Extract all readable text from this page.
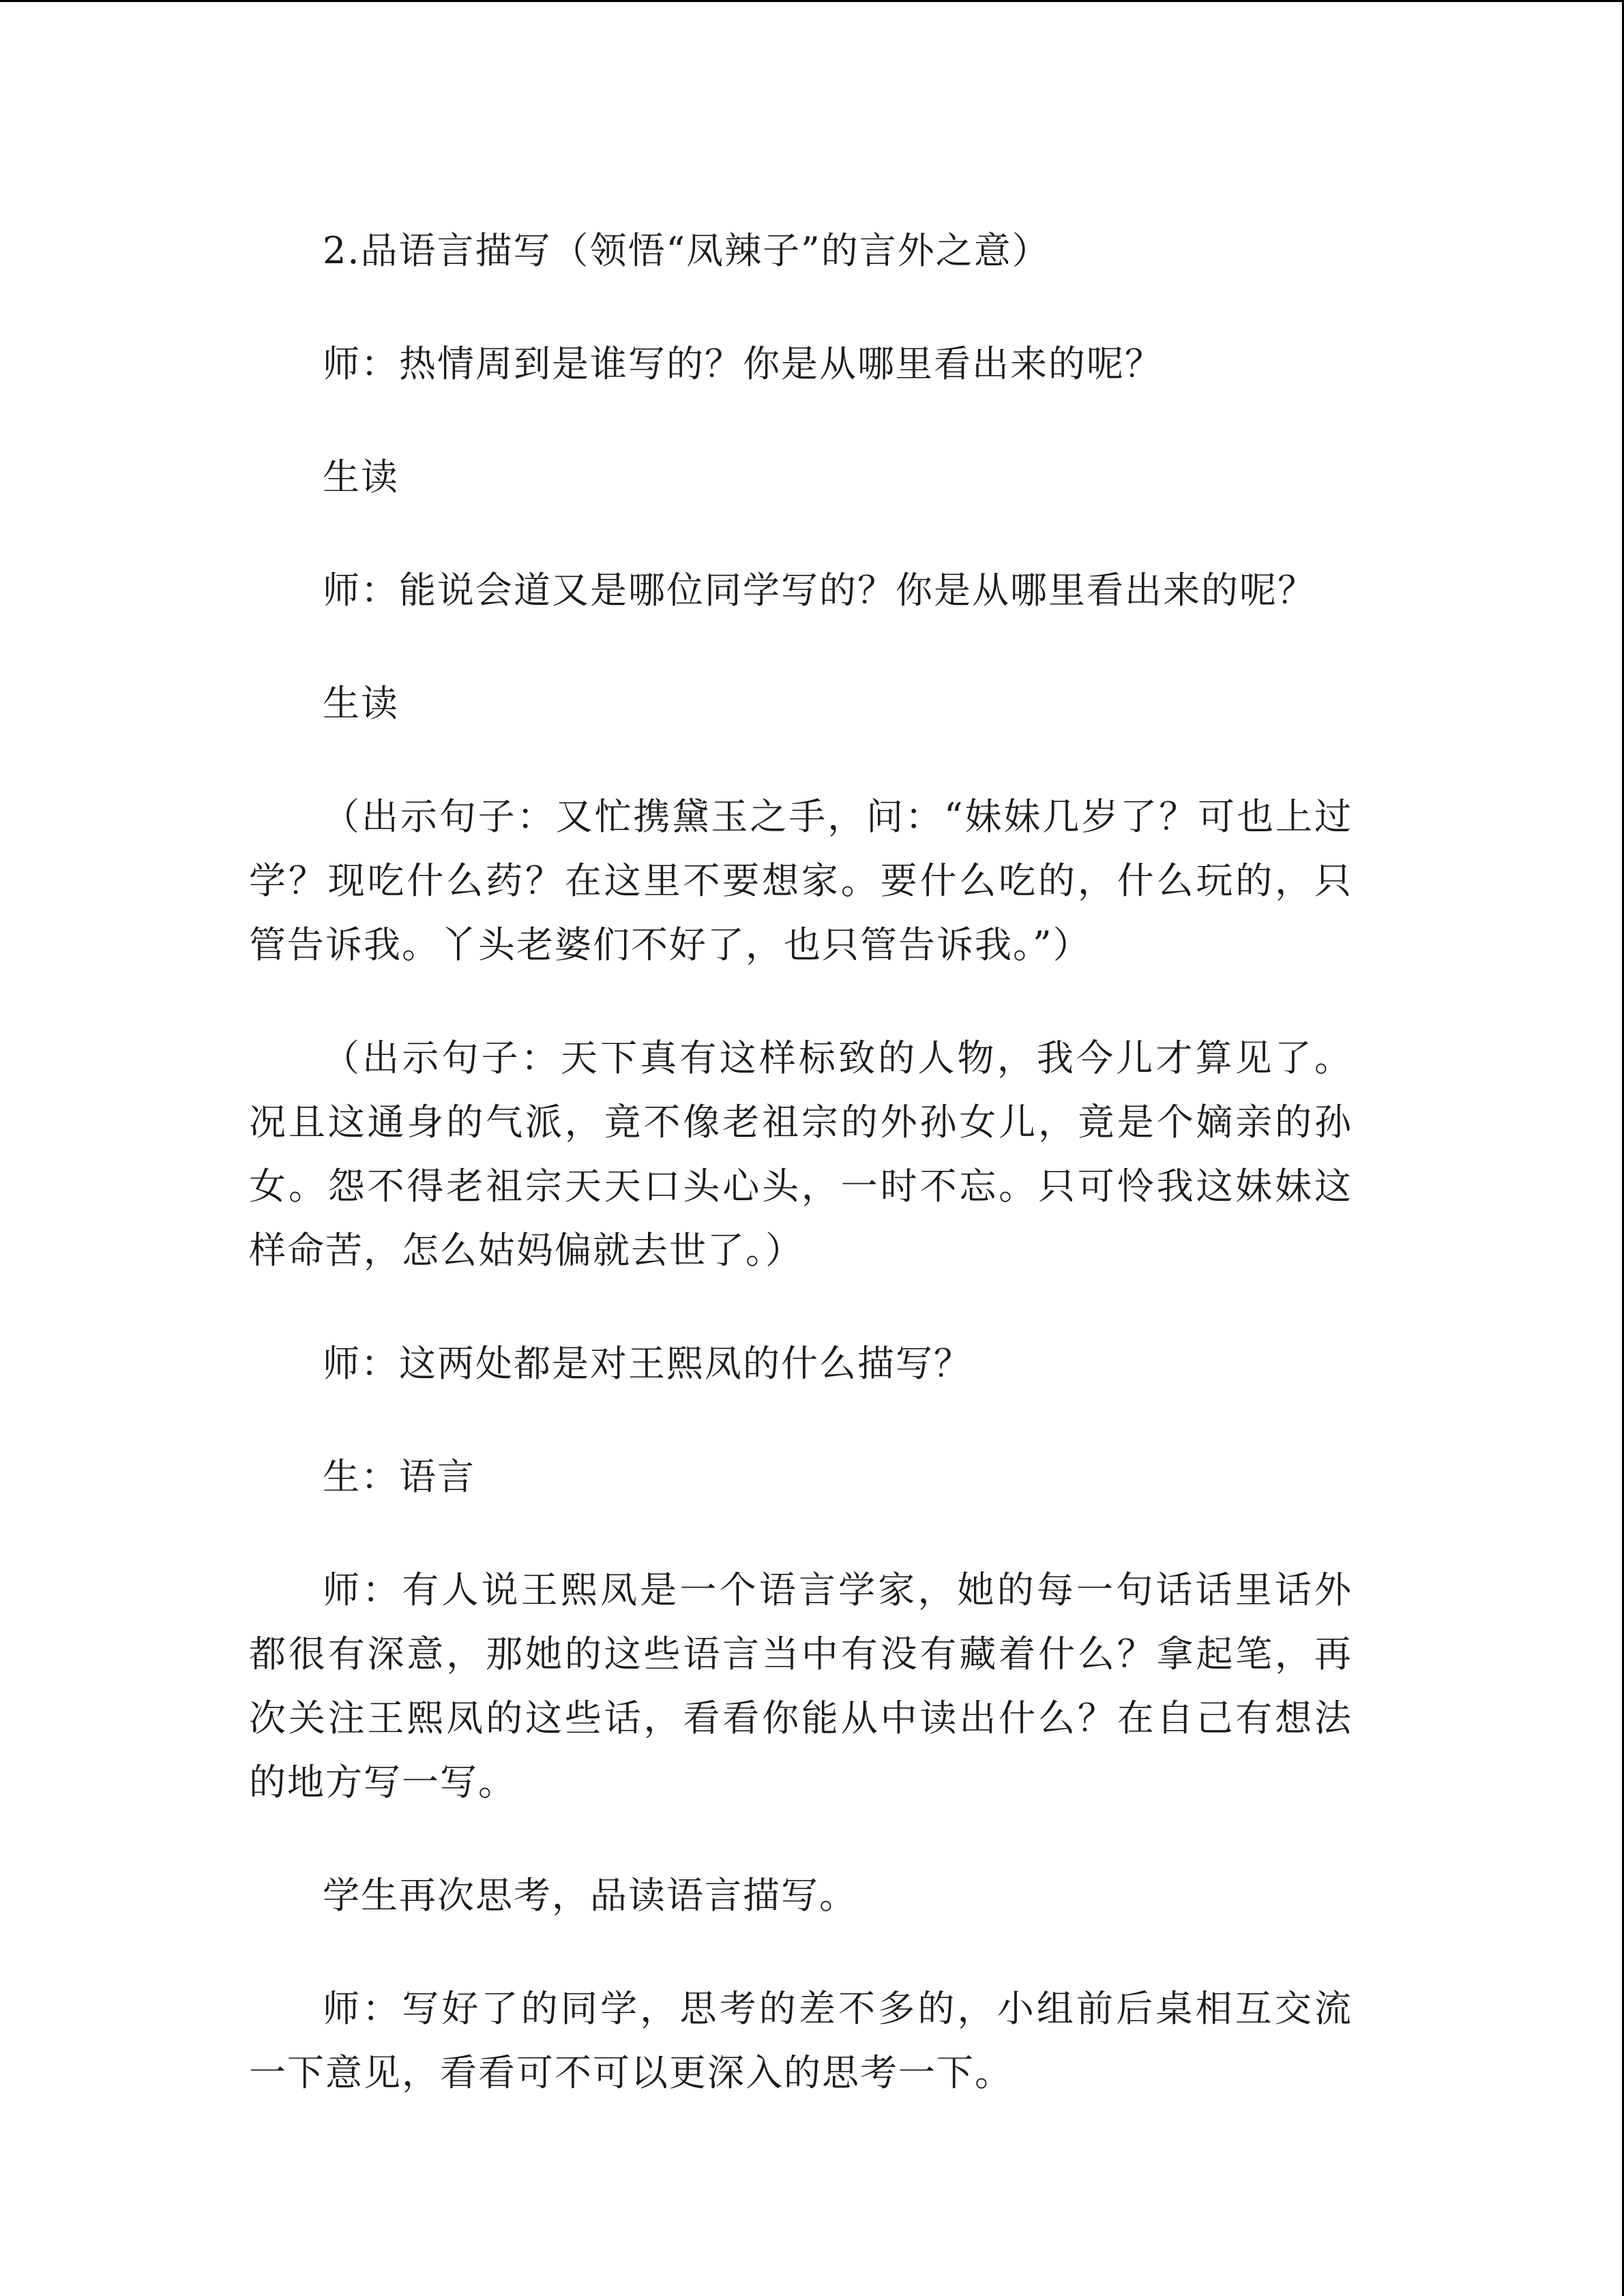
2.品语言描写（领悟“凤辣子”的言外之意）

师：热情周到是谁写的？你是从哪里看出来的呢？

生读

师：能说会道又是哪位同学写的？你是从哪里看出来的呢？

生读

（出示句子：又忙携黛玉之手，问：“妹妹几岁了？可也上过学？现吃什么药？在这里不要想家。要什么吃的，什么玩的，只管告诉我。丫头老婆们不好了，也只管告诉我。”）

（出示句子：天下真有这样标致的人物，我今儿才算见了。况且这通身的气派，竟不像老祖宗的外孙女儿，竟是个嫡亲的孙女。怨不得老祖宗天天口头心头，一时不忘。只可怜我这妹妹这样命苦，怎么姑妈偏就去世了。）

师：这两处都是对王熙凤的什么描写？

生：语言

师：有人说王熙凤是一个语言学家，她的每一句话话里话外都很有深意，那她的这些语言当中有没有藏着什么？拿起笔，再次关注王熙凤的这些话，看看你能从中读出什么？在自己有想法的地方写一写。

学生再次思考，品读语言描写。

师：写好了的同学，思考的差不多的，小组前后桌相互交流一下意见，看看可不可以更深入的思考一下。
